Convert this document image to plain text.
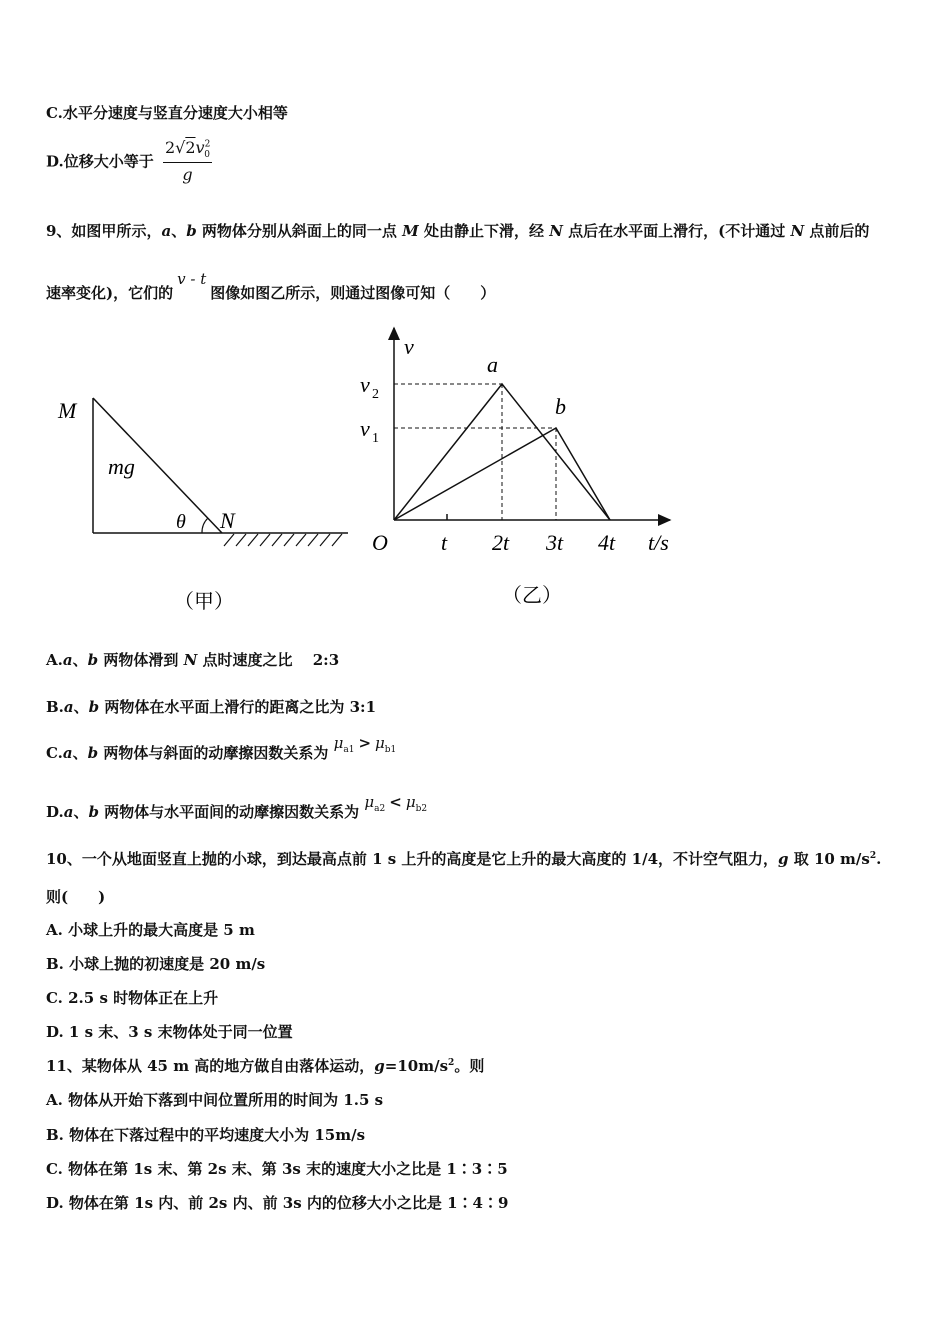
C.水平分速度与竖直分速度大小相等
D.位移大小等于 $\frac{2√2v^2_0}{g}$
9、如图甲所示，a、b 两物体分别从斜面上的同一点 M 处由静止下滑，经 N 点后在水平面上滑行，(不计通过 N 点前后的
速率变化)，它们的v - t图像如图乙所示，则通过图像可知（　　）
M
mg
θ N
（甲）
v
v 2
v 1
a
b
O t 2t 3t 4t t/s
（乙）
A.a、b 两物体滑到 N 点时速度之比　 2:3
B.a、b 两物体在水平面上滑行的距离之比为 3:1
C.a、b 两物体与斜面的动摩擦因数关系为 $\mu_{a1} > \mu_{b1}$
D.a、b 两物体与水平面间的动摩擦因数关系为 $\mu_{a2} < \mu_{b2}$
10、一个从地面竖直上抛的小球，到达最高点前 1 s 上升的高度是它上升的最大高度的 1/4，不计空气阻力，g 取 10 $m/s^2$.
则(　　)
A. 小球上升的最大高度是 5 m
B. 小球上抛的初速度是 20 m/s
C. 2.5 s 时物体正在上升
D. 1 s 末、3 s 末物体处于同一位置
11、某物体从 45 m 高的地方做自由落体运动，$g=10m/s^2$。则
A. 物体从开始下落到中间位置所用的时间为 1.5 s
B. 物体在下落过程中的平均速度大小为 15m/s
C. 物体在第 1s 末、第 2s 末、第 3s 末的速度大小之比是 1∶3∶5
D. 物体在第 1s 内、前 2s 内、前 3s 内的位移大小之比是 1∶4∶9
